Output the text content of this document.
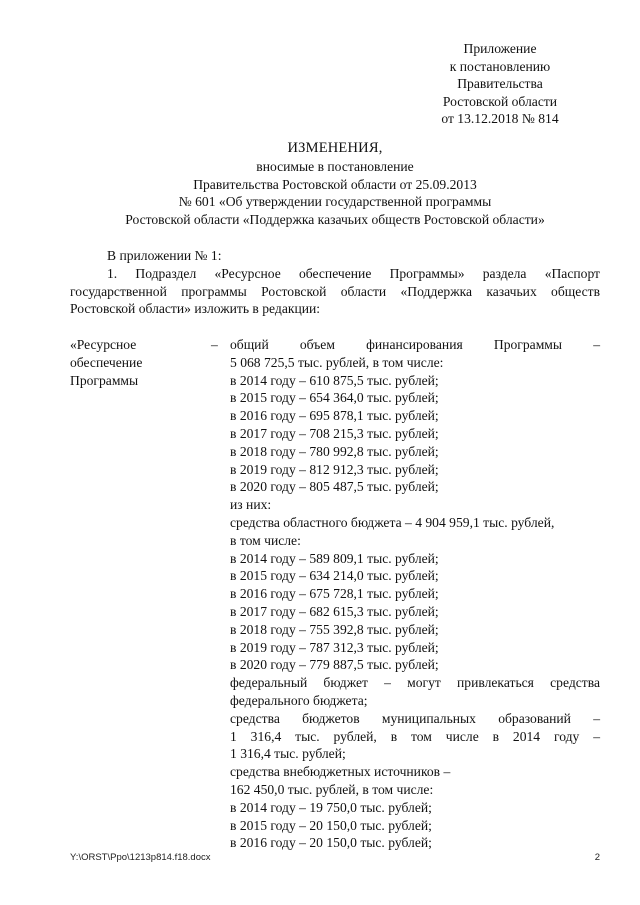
Приложение
к постановлению
Правительства
Ростовской области
от 13.12.2018 № 814
ИЗМЕНЕНИЯ,
вносимые в постановление
Правительства Ростовской области от 25.09.2013
№ 601 «Об утверждении государственной программы
Ростовской области «Поддержка казачьих обществ Ростовской области»
В приложении № 1:
1. Подраздел «Ресурсное обеспечение Программы» раздела «Паспорт
государственной программы Ростовской области «Поддержка казачьих обществ
Ростовской области» изложить в редакции:
«Ресурсное
обеспечение
Программы
– общий объем финансирования Программы –
5 068 725,5 тыс. рублей, в том числе:
в 2014 году – 610 875,5 тыс. рублей;
в 2015 году – 654 364,0 тыс. рублей;
в 2016 году – 695 878,1 тыс. рублей;
в 2017 году – 708 215,3 тыс. рублей;
в 2018 году – 780 992,8 тыс. рублей;
в 2019 году – 812 912,3 тыс. рублей;
в 2020 году – 805 487,5 тыс. рублей;
из них:
средства областного бюджета – 4 904 959,1 тыс. рублей,
в том числе:
в 2014 году – 589 809,1 тыс. рублей;
в 2015 году – 634 214,0 тыс. рублей;
в 2016 году – 675 728,1 тыс. рублей;
в 2017 году – 682 615,3 тыс. рублей;
в 2018 году – 755 392,8 тыс. рублей;
в 2019 году – 787 312,3 тыс. рублей;
в 2020 году – 779 887,5 тыс. рублей;
федеральный бюджет – могут привлекаться средства
федерального бюджета;
средства бюджетов муниципальных образований –
1 316,4 тыс. рублей, в том числе в 2014 году –
1 316,4 тыс. рублей;
средства внебюджетных источников –
162 450,0 тыс. рублей, в том числе:
в 2014 году – 19 750,0 тыс. рублей;
в 2015 году – 20 150,0 тыс. рублей;
в 2016 году – 20 150,0 тыс. рублей;
Y:\ORST\Ppo\1213p814.f18.docx	2
